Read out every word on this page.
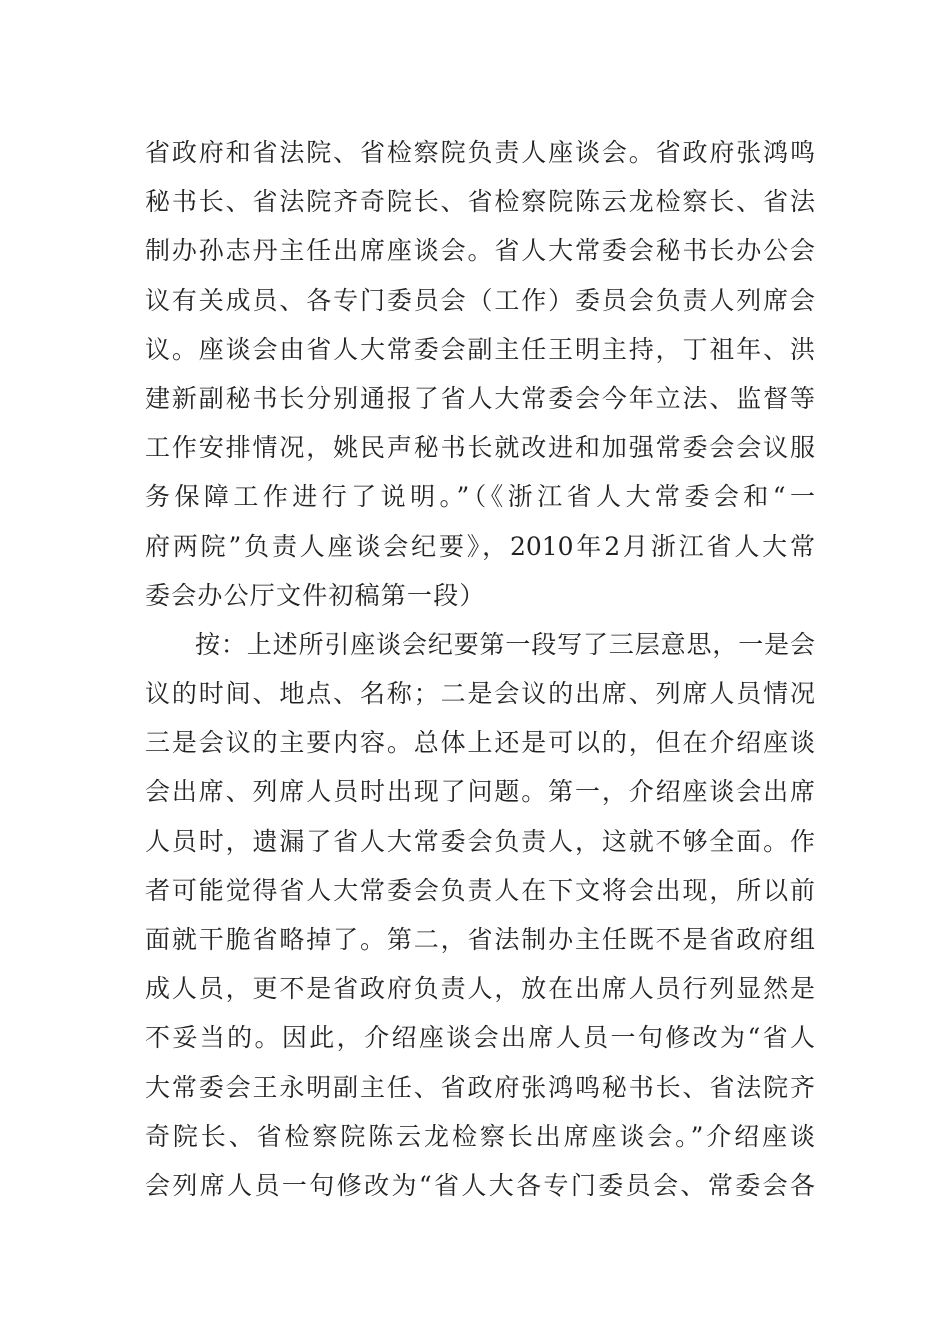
省政府和省法院、省检察院负责人座谈会。省政府张鸿鸣
秘书长、省法院齐奇院长、省检察院陈云龙检察长、省法
制办孙志丹主任出席座谈会。省人大常委会秘书长办公会
议有关成员、各专门委员会（工作）委员会负责人列席会
议。座谈会由省人大常委会副主任王明主持，丁祖年、洪
建新副秘书长分别通报了省人大常委会今年立法、监督等
工作安排情况，姚民声秘书长就改进和加强常委会会议服
务保障工作进行了说明。”（《浙江省人大常委会和“一
府两院”负责人座谈会纪要》，2010年2月浙江省人大常
委会办公厅文件初稿第一段）
按：上述所引座谈会纪要第一段写了三层意思，一是会
议的时间、地点、名称；二是会议的出席、列席人员情况
三是会议的主要内容。总体上还是可以的，但在介绍座谈
会出席、列席人员时出现了问题。第一，介绍座谈会出席
人员时，遗漏了省人大常委会负责人，这就不够全面。作
者可能觉得省人大常委会负责人在下文将会出现，所以前
面就干脆省略掉了。第二，省法制办主任既不是省政府组
成人员，更不是省政府负责人，放在出席人员行列显然是
不妥当的。因此，介绍座谈会出席人员一句修改为“省人
大常委会王永明副主任、省政府张鸿鸣秘书长、省法院齐
奇院长、省检察院陈云龙检察长出席座谈会。”介绍座谈
会列席人员一句修改为“省人大各专门委员会、常委会各
